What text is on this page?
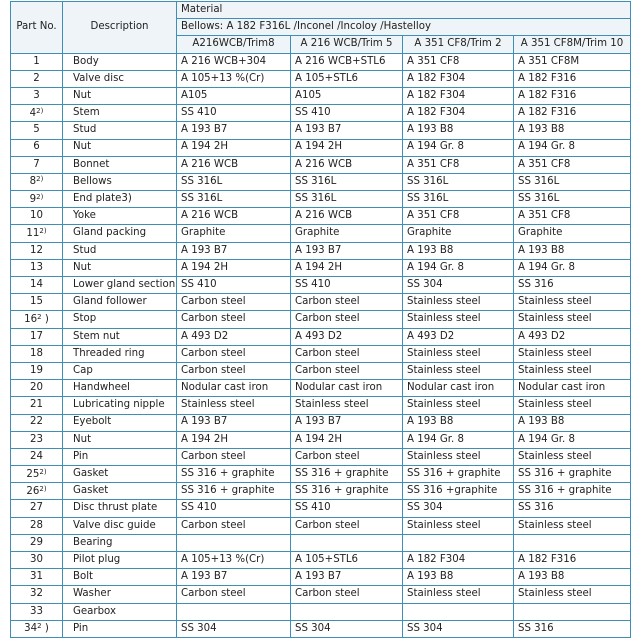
Part No.	Description	Material			
		Bellows: A 182 F316L /Inconel /Incoloy /Hastelloy			
		A216WCB/Trim8	A 216 WCB/Trim 5	A 351 CF8/Trim 2	A 351 CF8M/Trim 10
1	Body	A 216 WCB+304	A 216 WCB+STL6	A 351 CF8	A 351 CF8M
2	Valve disc	A 105+13 %(Cr)	A 105+STL6	A 182 F304	A 182 F316
3	Nut	A105	A105	A 182 F304	A 182 F316
4$^{2)}$	Stem	SS 410	SS 410	A 182 F304	A 182 F316
5	Stud	A 193 B7	A 193 B7	A 193 B8	A 193 B8
6	Nut	A 194 2H	A 194 2H	A 194 Gr. 8	A 194 Gr. 8
7	Bonnet	A 216 WCB	A 216 WCB	A 351 CF8	A 351 CF8
8$^{2)}$	Bellows	SS 316L	SS 316L	SS 316L	SS 316L
9$^{2)}$	End plate3)	SS 316L	SS 316L	SS 316L	SS 316L
10	Yoke	A 216 WCB	A 216 WCB	A 351 CF8	A 351 CF8
11$^{2)}$	Gland packing	Graphite	Graphite	Graphite	Graphite
12	Stud	A 193 B7	A 193 B7	A 193 B8	A 193 B8
13	Nut	A 194 2H	A 194 2H	A 194 Gr. 8	A 194 Gr. 8
14	Lower gland section	SS 410	SS 410	SS 304	SS 316
15	Gland follower	Carbon steel	Carbon steel	Stainless steel	Stainless steel
$16^2$ )	Stop	Carbon steel	Carbon steel	Stainless steel	Stainless steel
17	Stem nut	A 493 D2	A 493 D2	A 493 D2	A 493 D2
18	Threaded ring	Carbon steel	Carbon steel	Stainless steel	Stainless steel
19	Cap	Carbon steel	Carbon steel	Stainless steel	Stainless steel
20	Handwheel	Nodular cast iron	Nodular cast iron	Nodular cast iron	Nodular cast iron
21	Lubricating nipple	Stainless steel	Stainless steel	Stainless steel	Stainless steel
22	Eyebolt	A 193 B7	A 193 B7	A 193 B8	A 193 B8
23	Nut	A 194 2H	A 194 2H	A 194 Gr. 8	A 194 Gr. 8
24	Pin	Carbon steel	Carbon steel	Stainless steel	Stainless steel
25$^{2)}$	Gasket	SS 316 + graphite	SS 316 + graphite	SS 316 + graphite	SS 316 + graphite
26$^{2)}$	Gasket	SS 316 + graphite	SS 316 + graphite	SS 316 +graphite	SS 316 + graphite
27	Disc thrust plate	SS 410	SS 410	SS 304	SS 316
28	Valve disc guide	Carbon steel	Carbon steel	Stainless steel	Stainless steel
29	Bearing				
30	Pilot plug	A 105+13 %(Cr)	A 105+STL6	A 182 F304	A 182 F316
31	Bolt	A 193 B7	A 193 B7	A 193 B8	A 193 B8
32	Washer	Carbon steel	Carbon steel	Stainless steel	Stainless steel
33	Gearbox				
$34^2$ )	Pin	SS 304	SS 304	SS 304	SS 316
